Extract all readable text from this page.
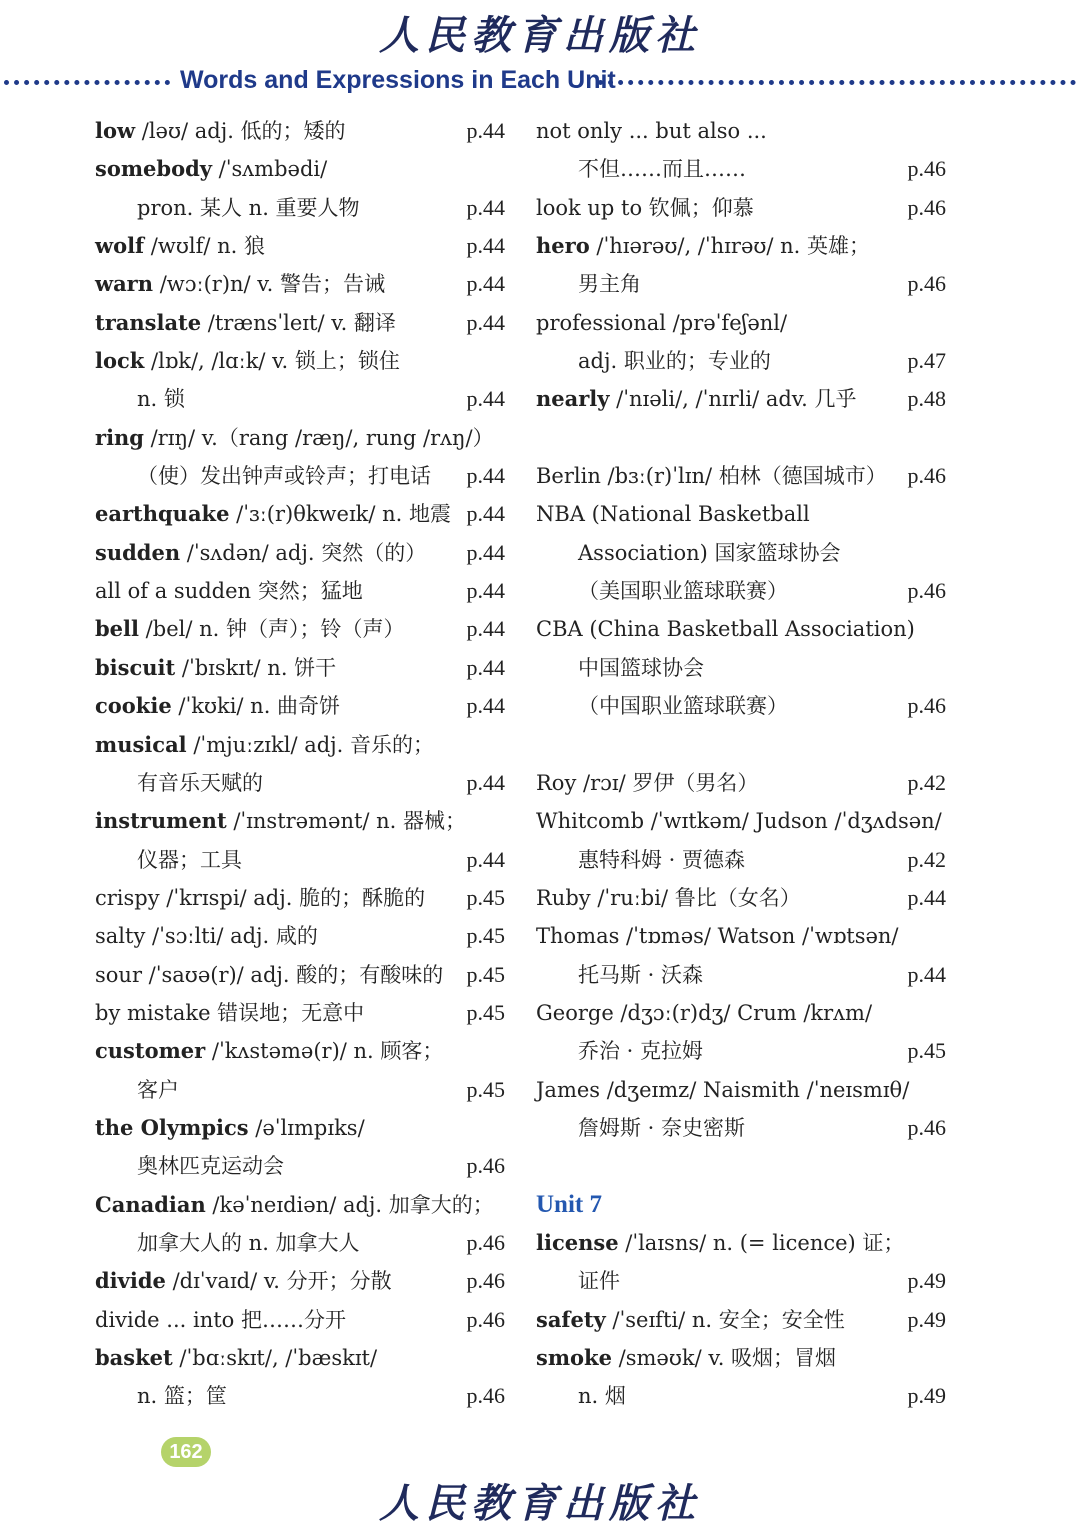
人民教育出版社
Words and Expressions in Each Unit
low /ləʊ/ adj. 低的；矮的	p.44
somebody /ˈsʌmbədi/
pron. 某人 n. 重要人物	p.44
wolf /wʊlf/ n. 狼	p.44
warn /wɔː(r)n/ v. 警告；告诫	p.44
translate /trænsˈleɪt/ v. 翻译	p.44
lock /lɒk/, /lɑːk/ v. 锁上；锁住
n. 锁	p.44
ring /rɪŋ/ v.（rang /ræŋ/, rung /rʌŋ/）
（使）发出钟声或铃声；打电话 p.44
earthquake /ˈɜː(r)θkweɪk/ n. 地震 p.44
sudden /ˈsʌdən/ adj. 突然（的） p.44
all of a sudden 突然；猛地	p.44
bell /bel/ n. 钟（声）；铃（声）	p.44
biscuit /ˈbɪskɪt/ n. 饼干	p.44
cookie /ˈkʊki/ n. 曲奇饼	p.44
musical /ˈmjuːzɪkl/ adj. 音乐的；
有音乐天赋的	p.44
instrument /ˈɪnstrəmənt/ n. 器械；
仪器；工具	p.44
crispy /ˈkrɪspi/ adj. 脆的；酥脆的 p.45
salty /ˈsɔːlti/ adj. 咸的	p.45
sour /ˈsaʊə(r)/ adj. 酸的；有酸味的 p.45
by mistake 错误地；无意中	p.45
customer /ˈkʌstəmə(r)/ n. 顾客；
客户	p.45
the Olympics /əˈlɪmpɪks/
奥林匹克运动会	p.46
Canadian /kəˈneɪdiən/ adj. 加拿大的；
加拿大人的 n. 加拿大人	p.46
divide /dɪˈvaɪd/ v. 分开；分散	p.46
divide ... into 把……分开	p.46
basket /ˈbɑːskɪt/, /ˈbæskɪt/
n. 篮；筐	p.46
not only ... but also ...
不但……而且……	p.46
look up to 钦佩；仰慕	p.46
hero /ˈhɪərəʊ/, /ˈhɪrəʊ/ n. 英雄；
男主角	p.46
professional /prəˈfeʃənl/
adj. 职业的；专业的	p.47
nearly /ˈnɪəli/, /ˈnɪrli/ adv. 几乎 p.48
Berlin /bɜː(r)ˈlɪn/ 柏林（德国城市） p.46
NBA (National Basketball
Association) 国家篮球协会
（美国职业篮球联赛）	p.46
CBA (China Basketball Association)
中国篮球协会
（中国职业篮球联赛）	p.46
Roy /rɔɪ/ 罗伊（男名）	p.42
Whitcomb /ˈwɪtkəm/ Judson /ˈdʒʌdsən/
惠特科姆 · 贾德森	p.42
Ruby /ˈruːbi/ 鲁比（女名）	p.44
Thomas /ˈtɒməs/ Watson /ˈwɒtsən/
托马斯 · 沃森	p.44
George /dʒɔː(r)dʒ/ Crum /krʌm/
乔治 · 克拉姆	p.45
James /dʒeɪmz/ Naismith /ˈneɪsmɪθ/
詹姆斯 · 奈史密斯	p.46
Unit 7
license /ˈlaɪsns/ n. (= licence) 证；
证件	p.49
safety /ˈseɪfti/ n. 安全；安全性	p.49
smoke /sməʊk/ v. 吸烟；冒烟
n. 烟	p.49
162
人民教育出版社
